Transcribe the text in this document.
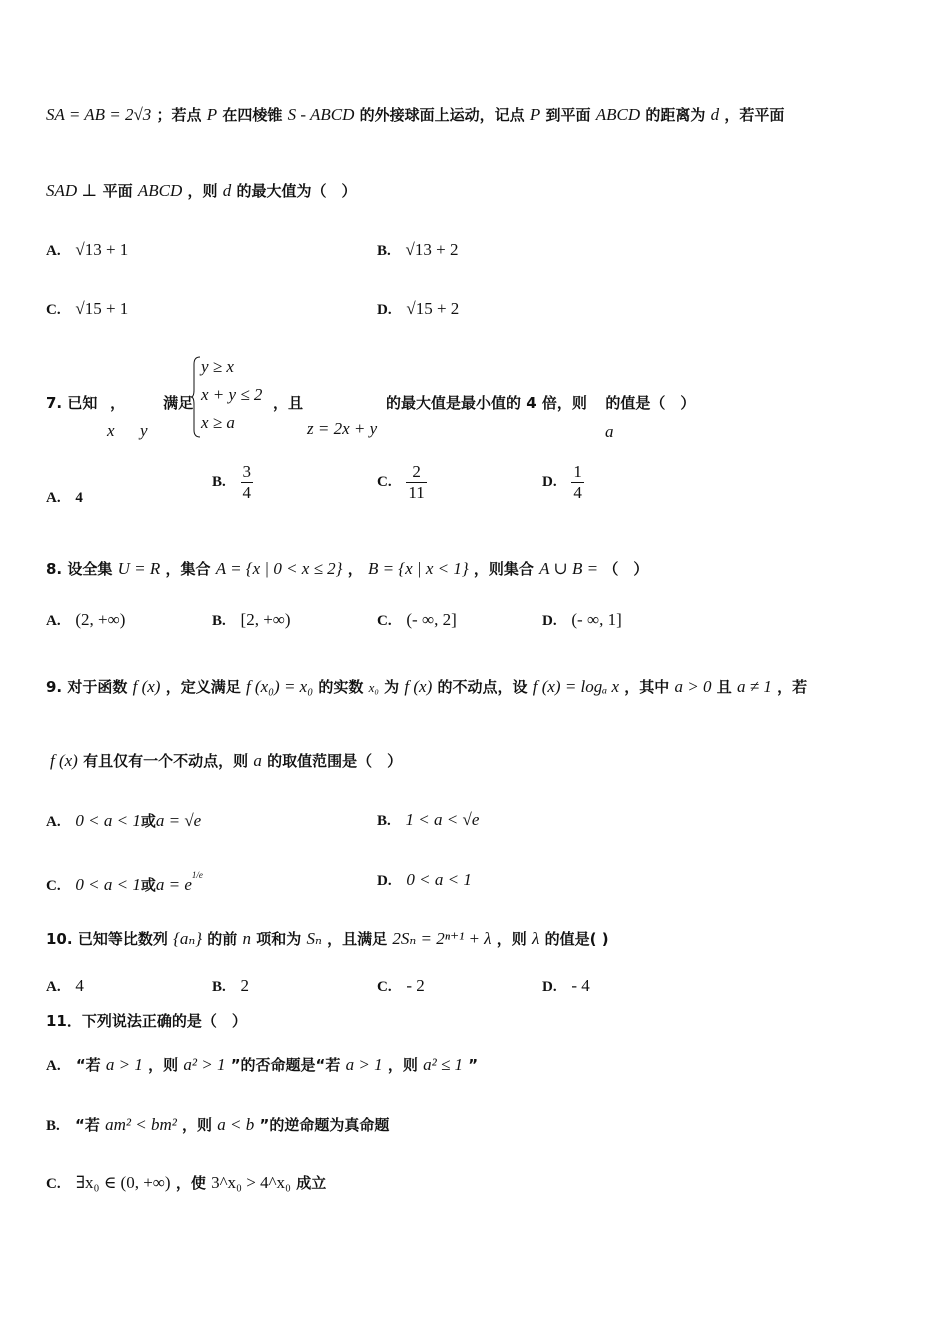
SA = AB = 2√3 ；若点 P 在四棱锥 S - ABCD 的外接球面上运动，记点 P 到平面 ABCD 的距离为 d ，若平面
SAD ⊥ 平面 ABCD ，则 d 的最大值为（　）
A. √13 + 1	B. √13 + 2
C. √15 + 1	D. √15 + 2
7. 已知 ，	满足
x y
y ≥ x
x + y ≤ 2
x ≥ a
，且
z = 2x + y
的最大值是最小值的 4 倍，则 的值是（　）
a
A. 4
B. $\frac{3}{4}$	C. $\frac{2}{11}$	D. $\frac{1}{4}$
8. 设全集 U = R ，集合 A = {x | 0 < x ≤ 2} ， B = {x | x < 1} ，则集合 A ∪ B = （　）
A. (2, +∞)	B. [2, +∞)	C. (- ∞, 2]	D. (- ∞, 1]
9. 对于函数 f (x) ，定义满足 f (x₀) = x₀ 的实数 x₀ 为 f (x) 的不动点，设 f (x) = logₐ x ，其中 a > 0 且 a ≠ 1 ，若
f (x) 有且仅有一个不动点，则 a 的取值范围是（　）
A. 0 < a < 1或a = √e	B. 1 < a < √e
C. 0 < a < 1或$a = e^{1/e}$	D. 0 < a < 1
10. 已知等比数列 {aₙ} 的前 n 项和为 Sₙ ，且满足 2Sₙ = 2ⁿ⁺¹ + λ ，则 λ 的值是( )
A. 4	B. 2	C. - 2	D. - 4
11．下列说法正确的是（　）
A. “若 a > 1 ，则 a² > 1 ”的否命题是“若 a > 1 ，则 a² ≤ 1 ”
B. “若 am² < bm² ，则 a < b ”的逆命题为真命题
C. ∃x₀ ∈ (0, +∞) ，使 3^x₀ > 4^x₀ 成立
